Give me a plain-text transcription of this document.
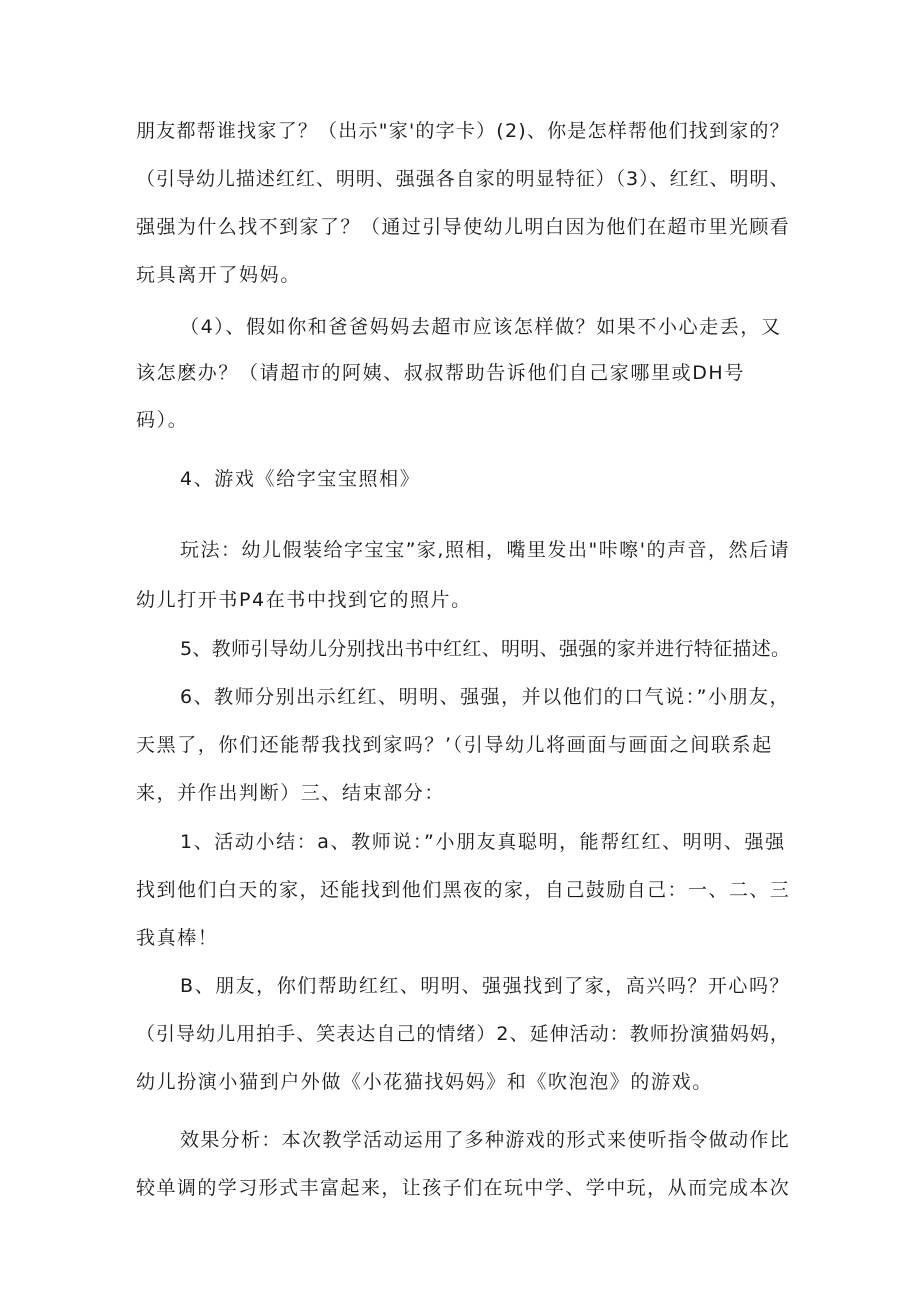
朋友都帮谁找家了？（出示"家'的字卡）(2)、你是怎样帮他们找到家的？
（引导幼儿描述红红、明明、强强各自家的明显特征）（3）、红红、明明、
强强为什么找不到家了？（通过引导使幼儿明白因为他们在超市里光顾看
玩具离开了妈妈。
（4）、假如你和爸爸妈妈去超市应该怎样做？如果不小心走丢，又
该怎麽办？（请超市的阿姨、叔叔帮助告诉他们自己家哪里或DH号
码）。
4、游戏《给字宝宝照相》
玩法：幼儿假装给字宝宝”家,照相，嘴里发出"咔嚓'的声音，然后请
幼儿打开书P4在书中找到它的照片。
5、教师引导幼儿分别找出书中红红、明明、强强的家并进行特征描述。
6、教师分别出示红红、明明、强强，并以他们的口气说：”小朋友，
天黑了，你们还能帮我找到家吗？’（引导幼儿将画面与画面之间联系起
来，并作出判断）三、结束部分：
1、活动小结：a、教师说：”小朋友真聪明，能帮红红、明明、强强
找到他们白天的家，还能找到他们黑夜的家，自己鼓励自己：一、二、三
我真棒！
B、朋友，你们帮助红红、明明、强强找到了家，高兴吗？开心吗？
（引导幼儿用拍手、笑表达自己的情绪）2、延伸活动：教师扮演猫妈妈，
幼儿扮演小猫到户外做《小花猫找妈妈》和《吹泡泡》的游戏。
效果分析：本次教学活动运用了多种游戏的形式来使听指令做动作比
较单调的学习形式丰富起来，让孩子们在玩中学、学中玩，从而完成本次
